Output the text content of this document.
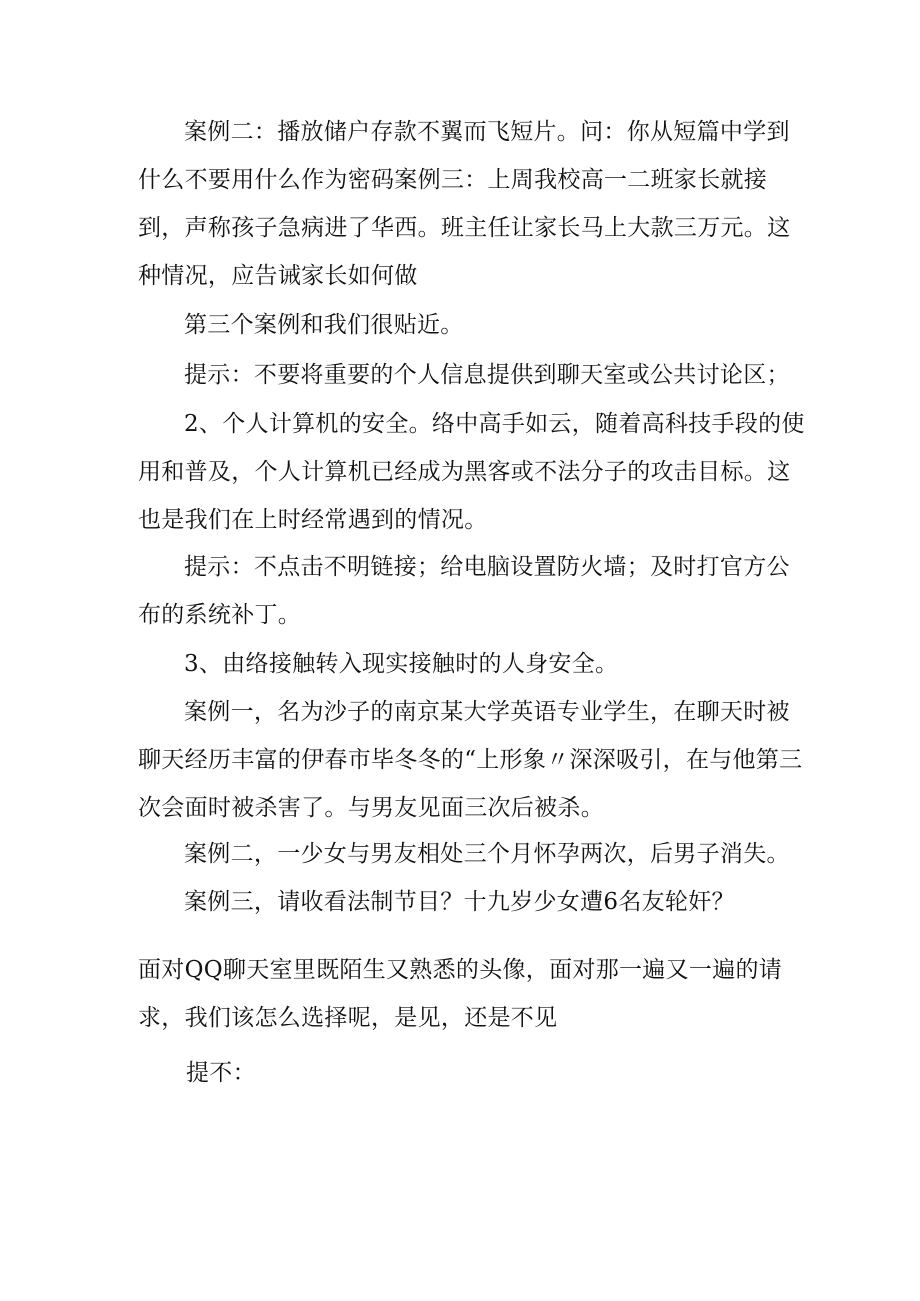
案例二：播放储户存款不翼而飞短片。问：你从短篇中学到什么不要用什么作为密码案例三：上周我校高一二班家长就接到，声称孩子急病进了华西。班主任让家长马上大款三万元。这种情况，应告诫家长如何做

第三个案例和我们很贴近。

提示：不要将重要的个人信息提供到聊天室或公共讨论区；

2、个人计算机的安全。络中高手如云，随着高科技手段的使用和普及，个人计算机已经成为黑客或不法分子的攻击目标。这也是我们在上时经常遇到的情况。

提示：不点击不明链接；给电脑设置防火墙；及时打官方公布的系统补丁。

3、由络接触转入现实接触时的人身安全。

案例一，名为沙子的南京某大学英语专业学生，在聊天时被聊天经历丰富的伊春市毕冬冬的“上形象〃深深吸引，在与他第三次会面时被杀害了。与男友见面三次后被杀。

案例二，一少女与男友相处三个月怀孕两次，后男子消失。

案例三，请收看法制节目？十九岁少女遭6名友轮奸？

面对QQ聊天室里既陌生又熟悉的头像，面对那一遍又一遍的请求，我们该怎么选择呢，是见，还是不见

提不：
